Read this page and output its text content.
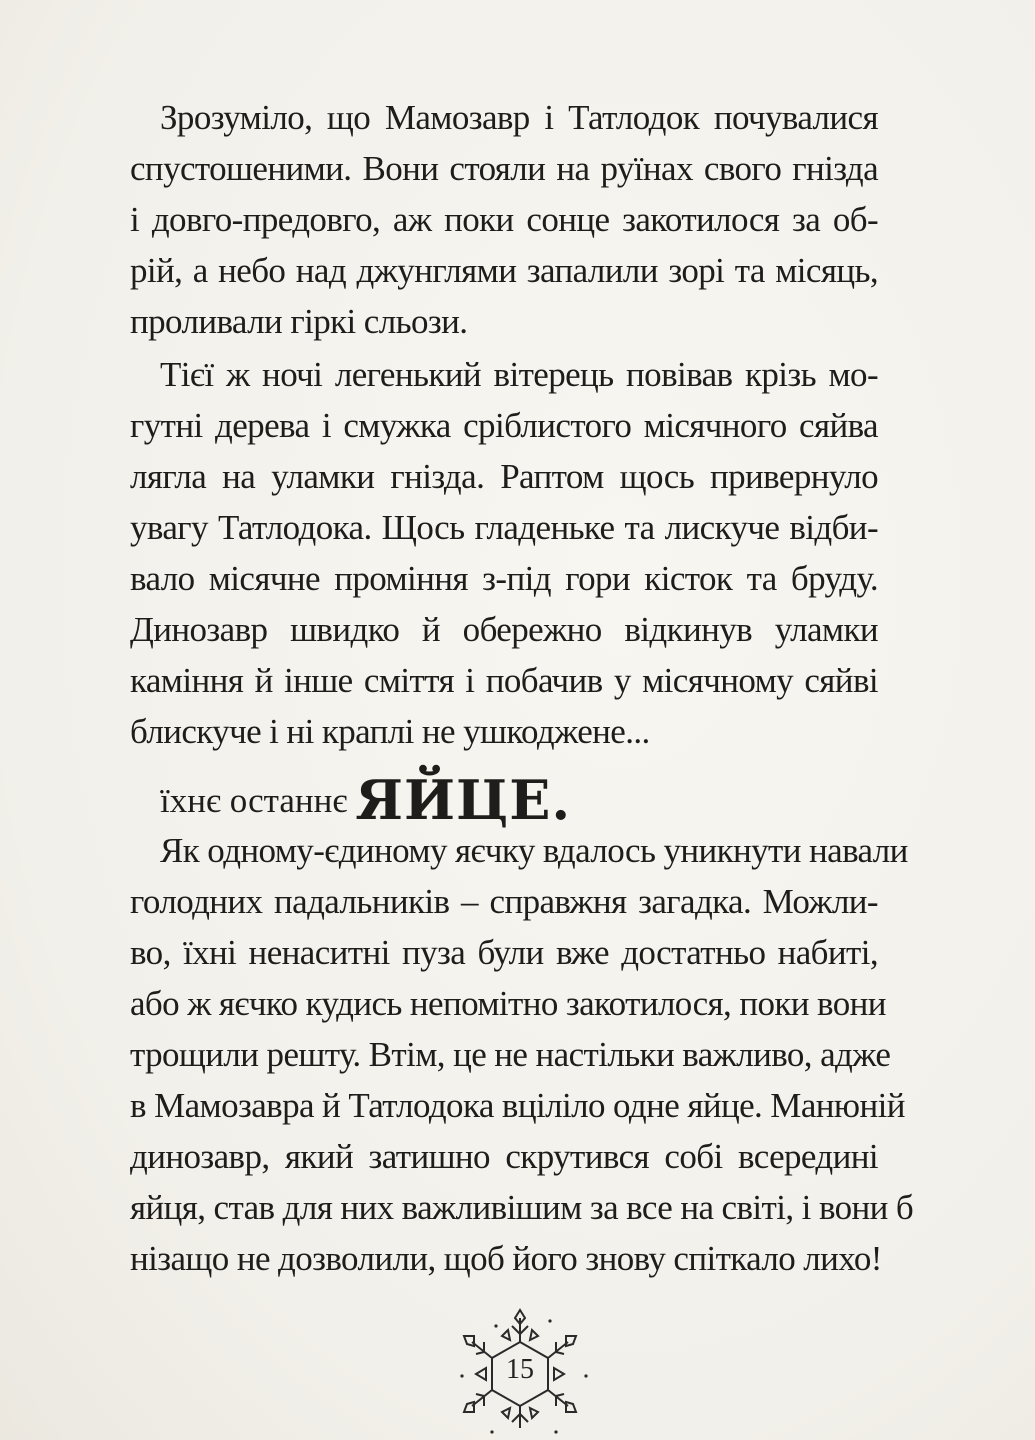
Зрозуміло, що Мамозавр і Татлодок почувалися
спустошеними. Вони стояли на руїнах свого гнізда
і довго-предовго, аж поки сонце закотилося за об-
рій, а небо над джунглями запалили зорі та місяць,
проливали гіркі сльози.
Тієї ж ночі легенький вітерець повівав крізь мо-
гутні дерева і смужка сріблистого місячного сяйва
лягла на уламки гнізда. Раптом щось привернуло
увагу Татлодока. Щось гладеньке та лискуче відби-
вало місячне проміння з-під гори кісток та бруду.
Динозавр швидко й обережно відкинув уламки
каміння й інше сміття і побачив у місячному сяйві
блискуче і ні краплі не ушкоджене...
їхнє останнє ЯЙЦЕ.
Як одному-єдиному яєчку вдалось уникнути навали
голодних падальників – справжня загадка. Можли-
во, їхні ненаситні пуза були вже достатньо набиті,
або ж яєчко кудись непомітно закотилося, поки вони
трощили решту. Втім, це не настільки важливо, адже
в Мамозавра й Татлодока вціліло одне яйце. Манюній
динозавр, який затишно скрутився собі всередині
яйця, став для них важливішим за все на світі, і вони б
нізащо не дозволили, щоб його знову спіткало лихо!
15
